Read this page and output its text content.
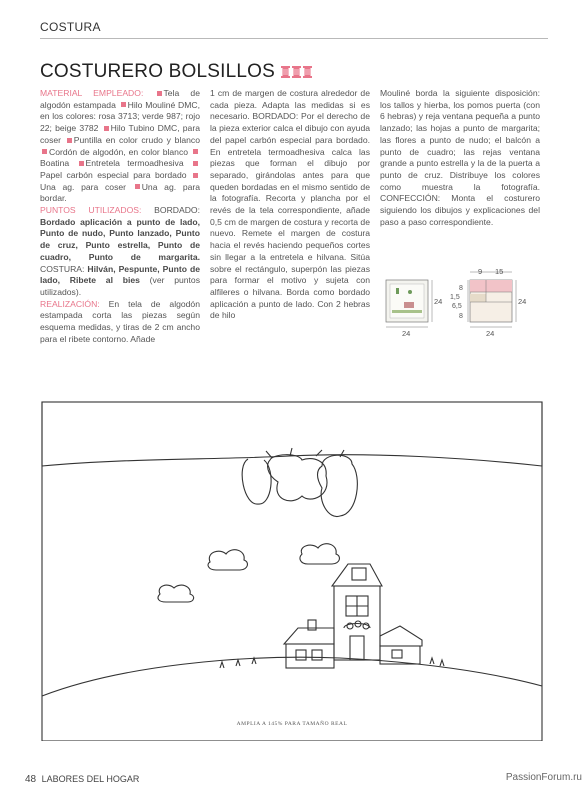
COSTURA
COSTURERO BOLSILLOS
MATERIAL EMPLEADO: Tela de algodón estampada Hilo Mouliné DMC, en los colores: rosa 3713; verde 987; rojo 22; beige 3782 Hilo Tubino DMC, para coser Puntilla en color crudo y blanco Cordón de algodón, en color blanco Boatina Entretela termoadhesiva Papel carbón especial para bordado Una ag. para coser Una ag. para bordar.
PUNTOS UTILIZADOS: BORDADO: Bordado aplicación a punto de lado, Punto de nudo, Punto lanzado, Punto de cruz, Punto estrella, Punto de cuadro, Punto de margarita. COSTURA: Hilván, Pespunte, Punto de lado, Ribete al bies (ver puntos utilizados).
REALIZACIÓN: En tela de algodón estampada corta las piezas según esquema medidas, y tiras de 2 cm ancho para el ribete contorno. Añade
1 cm de margen de costura alrededor de cada pieza. Adapta las medidas si es necesario. BORDADO: Por el derecho de la pieza exterior calca el dibujo con ayuda del papel carbón especial para bordado. En entretela termoadhesiva calca las piezas que forman el dibujo por separado, girándolas antes para que queden bordadas en el mismo sentido de la fotografía. Recorta y plancha por el revés de la tela correspondiente, añade 0,5 cm de margen de costura y recorta de nuevo. Remete el margen de costura hacia el revés haciendo pequeños cortes sin llegar a la entretela e hilvana. Sitúa sobre el rectángulo, superpón las piezas para formar el motivo y sujeta con alfileres o hilvana. Borda como bordado aplicación a punto de lado. Con 2 hebras de hilo
Mouliné borda la siguiente disposición: los tallos y hierba, los pomos puerta (con 6 hebras) y reja ventana pequeña a punto lanzado; las hojas a punto de margarita; las flores a punto de nudo; el balcón a punto de cuadro; las rejas ventana grande a punto estrella y la de la puerta a punto de cruz. Distribuye los colores como muestra la fotografía. CONFECCIÓN: Monta el costurero siguiendo los dibujos y explicaciones del paso a paso correspondiente.
24
24
9 15
8
1,5
6,5
8
24
24
AMPLIA A 145% PARA TAMAÑO REAL
48 LABORES DEL HOGAR	PassionForum.ru
